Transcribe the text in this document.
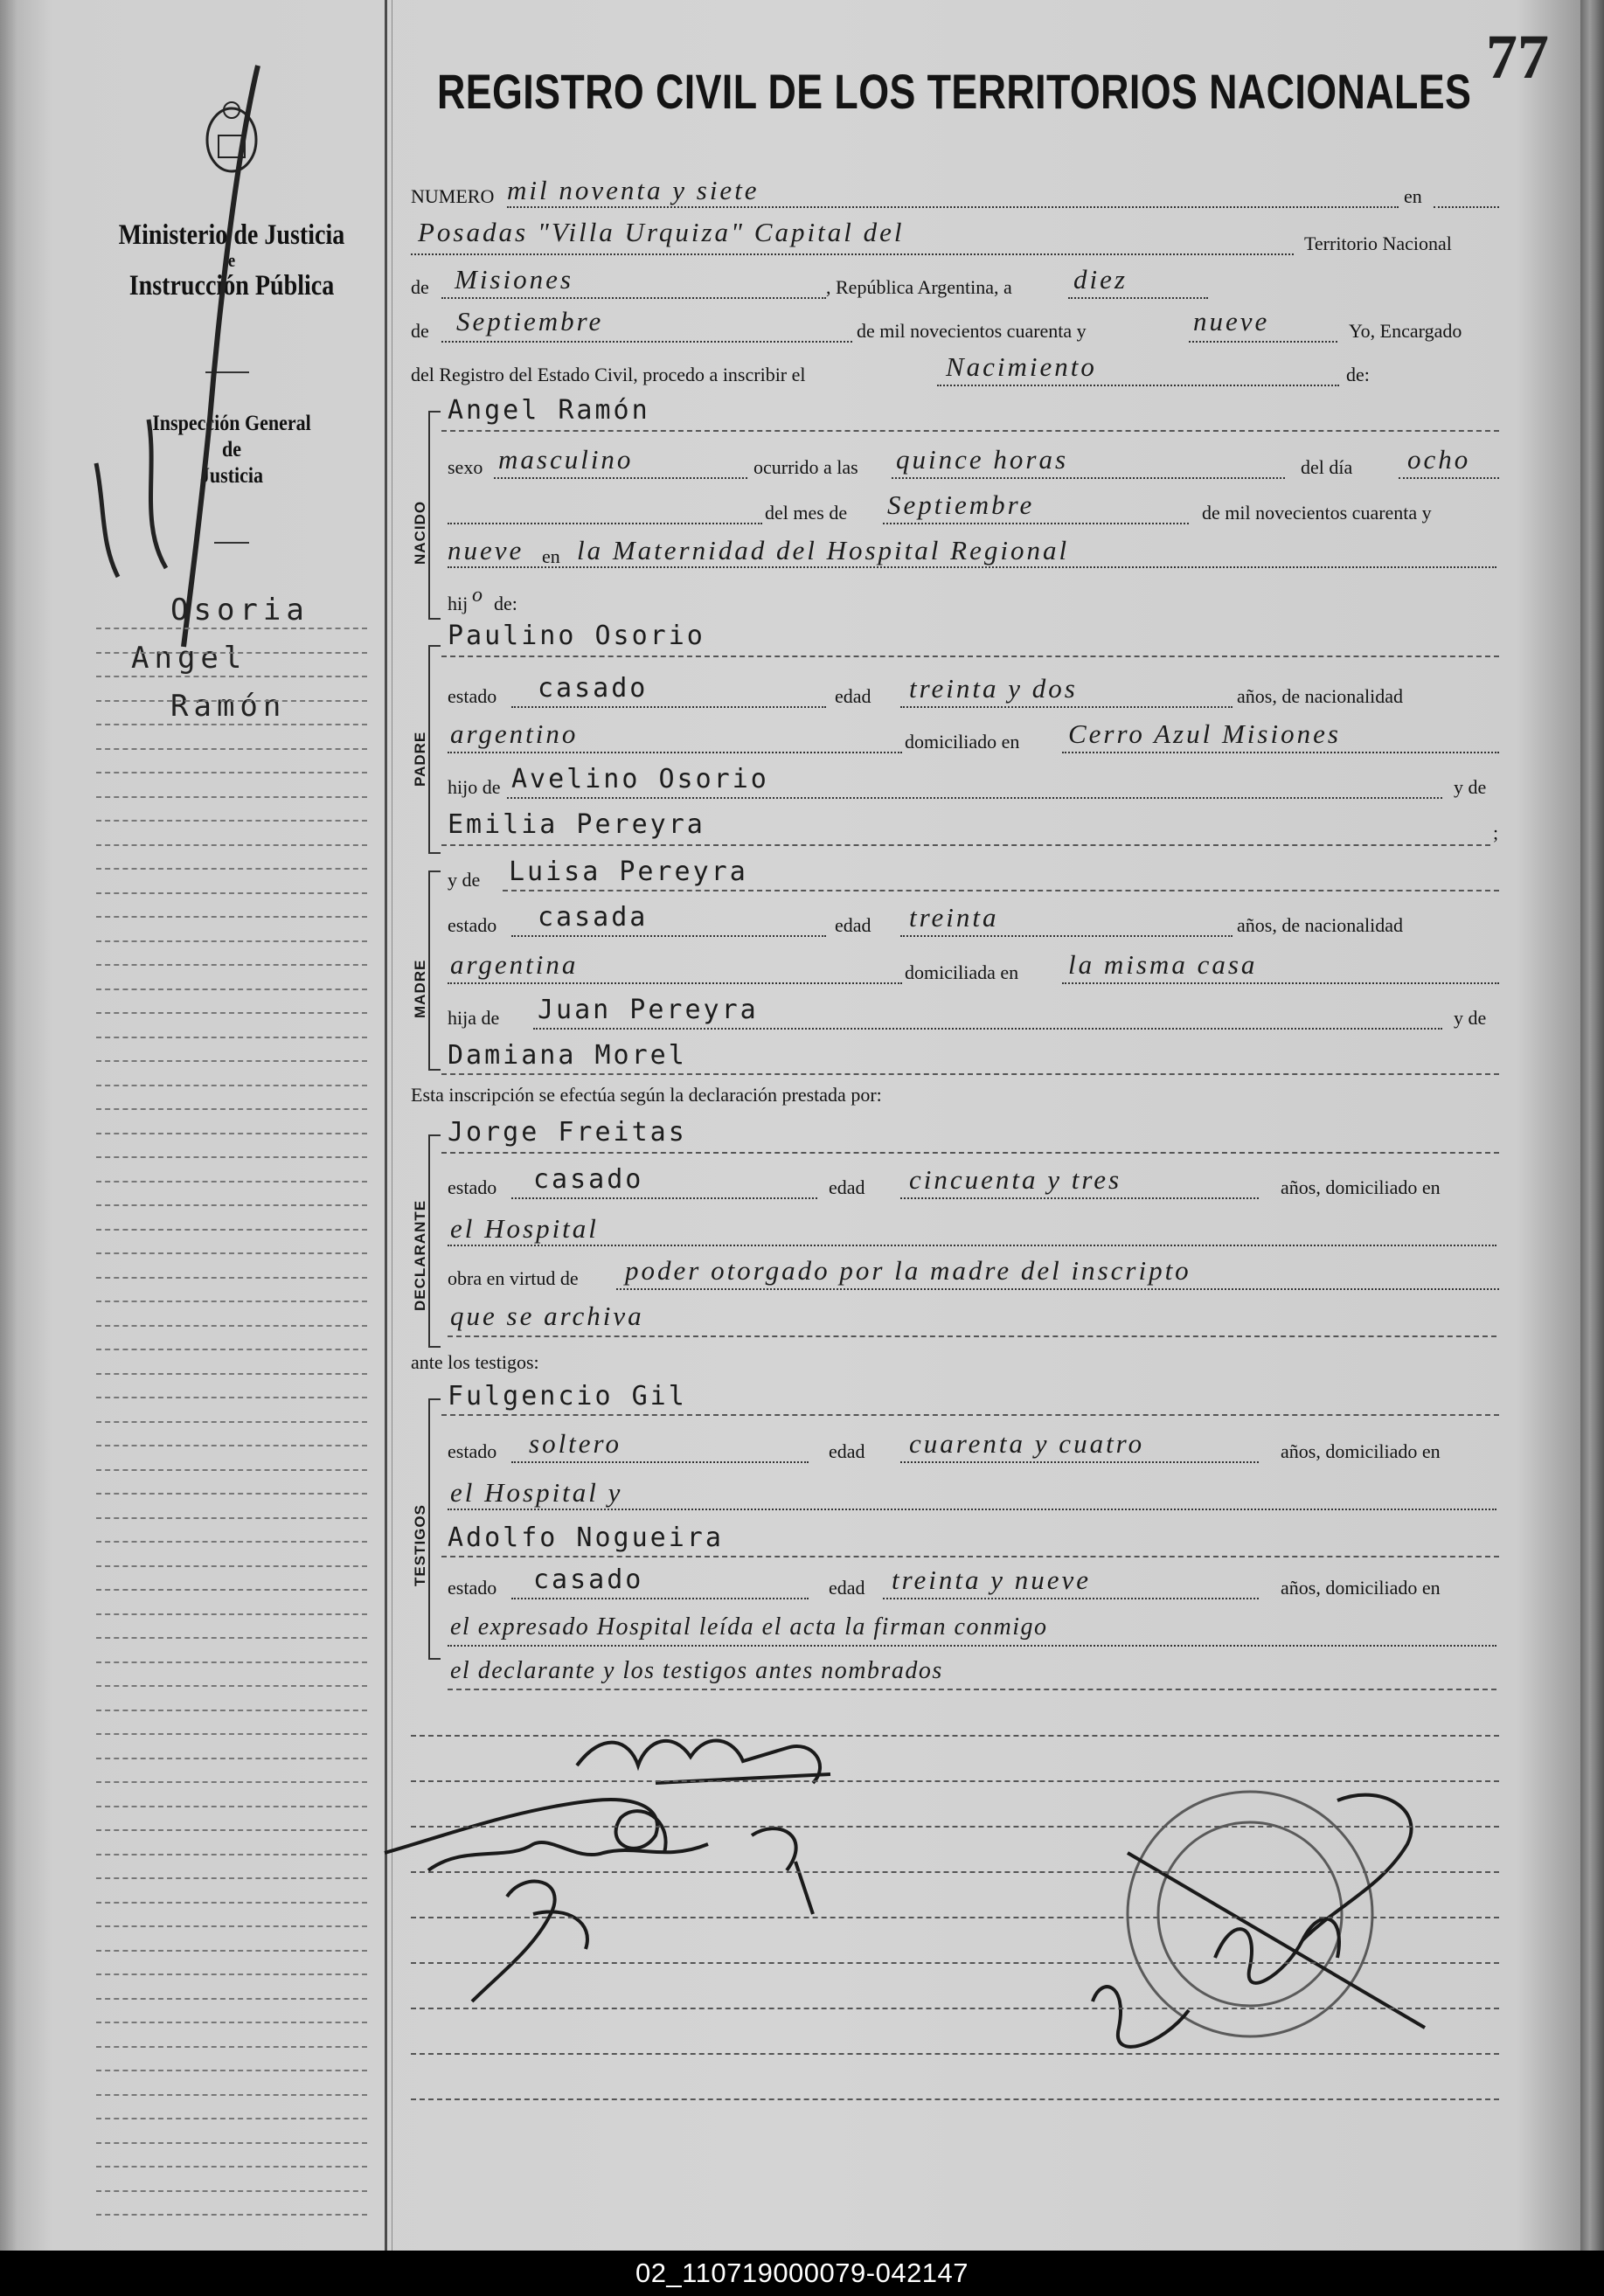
Ministerio de Justicia

e
Instrucción Pública
Inspección General
de
Justicia
Osoria
Angel
Ramón
REGISTRO CIVIL DE LOS TERRITORIOS NACIONALES 77
NUMERO mil noventa y siete	en
Posadas "Villa Urquiza" Capital del	Territorio Nacional
de Misiones	, República Argentina, a diez
de Septiembre	de mil novecientos cuarenta y	nueve	Yo, Encargado
del Registro del Estado Civil, procedo a inscribir el	Nacimiento	de:
NACIDO
Angel Ramón
sexo masculino	ocurrido a las quince horas	del día ocho
del mes de Septiembre	de mil novecientos cuarenta y
nueve en la Maternidad del Hospital Regional
hij o de:
PADRE
Paulino Osorio
estado casado	edad treinta y dos	años, de nacionalidad
argentino	domiciliado en Cerro Azul Misiones
hijo de Avelino Osorio	y de
Emilia Pereyra	;
MADRE
y de Luisa Pereyra
estado casada	edad treinta	años, de nacionalidad
argentina	domiciliada en la misma casa
hija de Juan Pereyra	y de
Damiana Morel
Esta inscripción se efectúa según la declaración prestada por:
DECLARANTE
Jorge Freitas
estado casado	edad cincuenta y tres	años, domiciliado en
el Hospital
obra en virtud de poder otorgado por la madre del inscripto
que se archiva
ante los testigos:
TESTIGOS
Fulgencio Gil
estado soltero	edad cuarenta y cuatro	años, domiciliado en
el Hospital y
Adolfo Nogueira
estado casado	edad treinta y nueve	años, domiciliado en
el expresado Hospital leída el acta la firman conmigo
el declarante y los testigos antes nombrados
02_110719000079-042147
